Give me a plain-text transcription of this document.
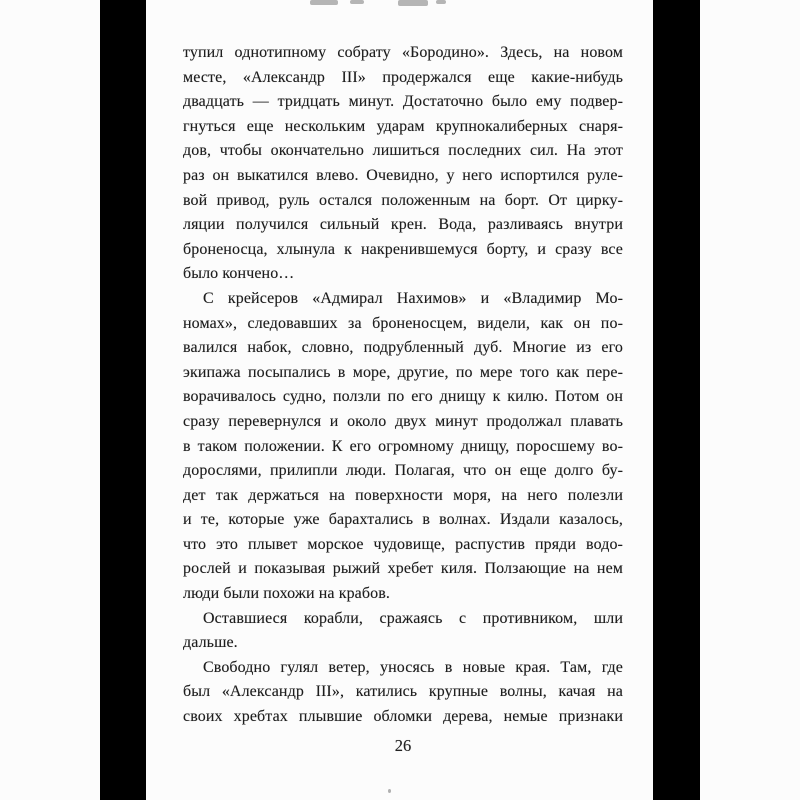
тупил однотипному собрату «Бородино». Здесь, на новом
месте, «Александр III» продержался еще какие-нибудь
двадцать — тридцать минут. Достаточно было ему подвер-
гнуться еще нескольким ударам крупнокалиберных снаря-
дов, чтобы окончательно лишиться последних сил. На этот
раз он выкатился влево. Очевидно, у него испортился руле-
вой привод, руль остался положенным на борт. От цирку-
ляции получился сильный крен. Вода, разливаясь внутри
броненосца, хлынула к накренившемуся борту, и сразу все
было кончено…
С крейсеров «Адмирал Нахимов» и «Владимир Мо-
номах», следовавших за броненосцем, видели, как он по-
валился набок, словно, подрубленный дуб. Многие из его
экипажа посыпались в море, другие, по мере того как пере-
ворачивалось судно, ползли по его днищу к килю. Потом он
сразу перевернулся и около двух минут продолжал плавать
в таком положении. К его огромному днищу, поросшему во-
дорослями, прилипли люди. Полагая, что он еще долго бу-
дет так держаться на поверхности моря, на него полезли
и те, которые уже барахтались в волнах. Издали казалось,
что это плывет морское чудовище, распустив пряди водо-
рослей и показывая рыжий хребет киля. Ползающие на нем
люди были похожи на крабов.
Оставшиеся корабли, сражаясь с противником, шли
дальше.
Свободно гулял ветер, уносясь в новые края. Там, где
был «Александр III», катились крупные волны, качая на
своих хребтах плывшие обломки дерева, немые признаки
26
